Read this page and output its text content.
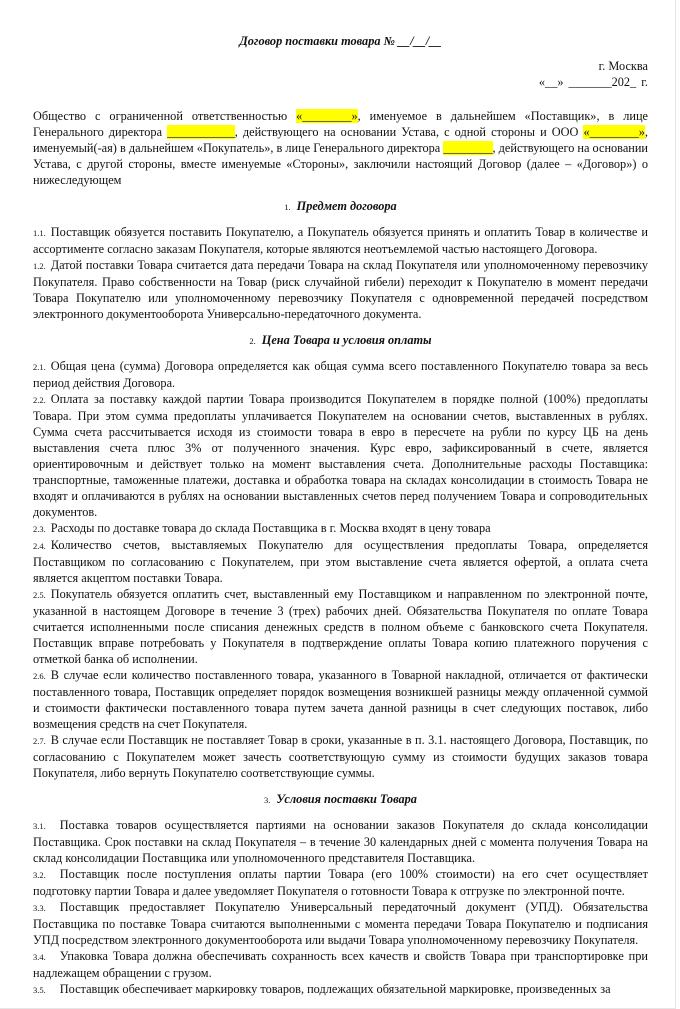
Договор поставки товара № __/__/__
г. Москва
«__» _______202_ г.
Общество с ограниченной ответственностью «________», именуемое в дальнейшем «Поставщик», в лице Генерального директора ___________, действующего на основании Устава, с одной стороны и ООО «________», именуемый(-ая) в дальнейшем «Покупатель», в лице Генерального директора ________, действующего на основании Устава, с другой стороны, вместе именуемые «Стороны», заключили настоящий Договор (далее – «Договор») о нижеследующем
1. Предмет договора
1.1. Поставщик обязуется поставить Покупателю, а Покупатель обязуется принять и оплатить Товар в количестве и ассортименте согласно заказам Покупателя, которые являются неотъемлемой частью настоящего Договора.
1.2. Датой поставки Товара считается дата передачи Товара на склад Покупателя или уполномоченному перевозчику Покупателя. Право собственности на Товар (риск случайной гибели) переходит к Покупателю в момент передачи Товара Покупателю или уполномоченному перевозчику Покупателя с одновременной передачей посредством электронного документооборота Универсально-передаточного документа.
2. Цена Товара и условия оплаты
2.1. Общая цена (сумма) Договора определяется как общая сумма всего поставленного Покупателю товара за весь период действия Договора.
2.2. Оплата за поставку каждой партии Товара производится Покупателем в порядке полной (100%) предоплаты Товара. При этом сумма предоплаты уплачивается Покупателем на основании счетов, выставленных в рублях. Сумма счета рассчитывается исходя из стоимости товара в евро в пересчете на рубли по курсу ЦБ на день выставления счета плюс 3% от полученного значения. Курс евро, зафиксированный в счете, является ориентировочным и действует только на момент выставления счета. Дополнительные расходы Поставщика: транспортные, таможенные платежи, доставка и обработка товара на складах консолидации в стоимость Товара не входят и оплачиваются в рублях на основании выставленных счетов перед получением Товара и сопроводительных документов.
2.3. Расходы по доставке товара до склада Поставщика в г. Москва входят в цену товара
2.4. Количество счетов, выставляемых Покупателю для осуществления предоплаты Товара, определяется Поставщиком по согласованию с Покупателем, при этом выставление счета является офертой, а оплата счета является акцептом поставки Товара.
2.5. Покупатель обязуется оплатить счет, выставленный ему Поставщиком и направленном по электронной почте, указанной в настоящем Договоре в течение 3 (трех) рабочих дней. Обязательства Покупателя по оплате Товара считается исполненными после списания денежных средств в полном объеме с банковского счета Покупателя. Поставщик вправе потребовать у Покупателя в подтверждение оплаты Товара копию платежного поручения с отметкой банка об исполнении.
2.6. В случае если количество поставленного товара, указанного в Товарной накладной, отличается от фактически поставленного товара, Поставщик определяет порядок возмещения возникшей разницы между оплаченной суммой и стоимости фактически поставленного товара путем зачета данной разницы в счет следующих поставок, либо возмещения средств на счет Покупателя.
2.7. В случае если Поставщик не поставляет Товар в сроки, указанные в п. 3.1. настоящего Договора, Поставщик, по согласованию с Покупателем может зачесть соответствующую сумму из стоимости будущих заказов товара Покупателя, либо вернуть Покупателю соответствующие суммы.
3. Условия поставки Товара
3.1. Поставка товаров осуществляется партиями на основании заказов Покупателя до склада консолидации Поставщика. Срок поставки на склад Покупателя – в течение 30 календарных дней с момента получения Товара на склад консолидации Поставщика или уполномоченного представителя Поставщика.
3.2. Поставщик после поступления оплаты партии Товара (его 100% стоимости) на его счет осуществляет подготовку партии Товара и далее уведомляет Покупателя о готовности Товара к отгрузке по электронной почте.
3.3. Поставщик предоставляет Покупателю Универсальный передаточный документ (УПД). Обязательства Поставщика по поставке Товара считаются выполненными с момента передачи Товара Покупателю и подписания УПД посредством электронного документооборота или выдачи Товара уполномоченному перевозчику Покупателя.
3.4. Упаковка Товара должна обеспечивать сохранность всех качеств и свойств Товара при транспортировке при надлежащем обращении с грузом.
3.5. Поставщик обеспечивает маркировку товаров, подлежащих обязательной маркировке, произведенных за
